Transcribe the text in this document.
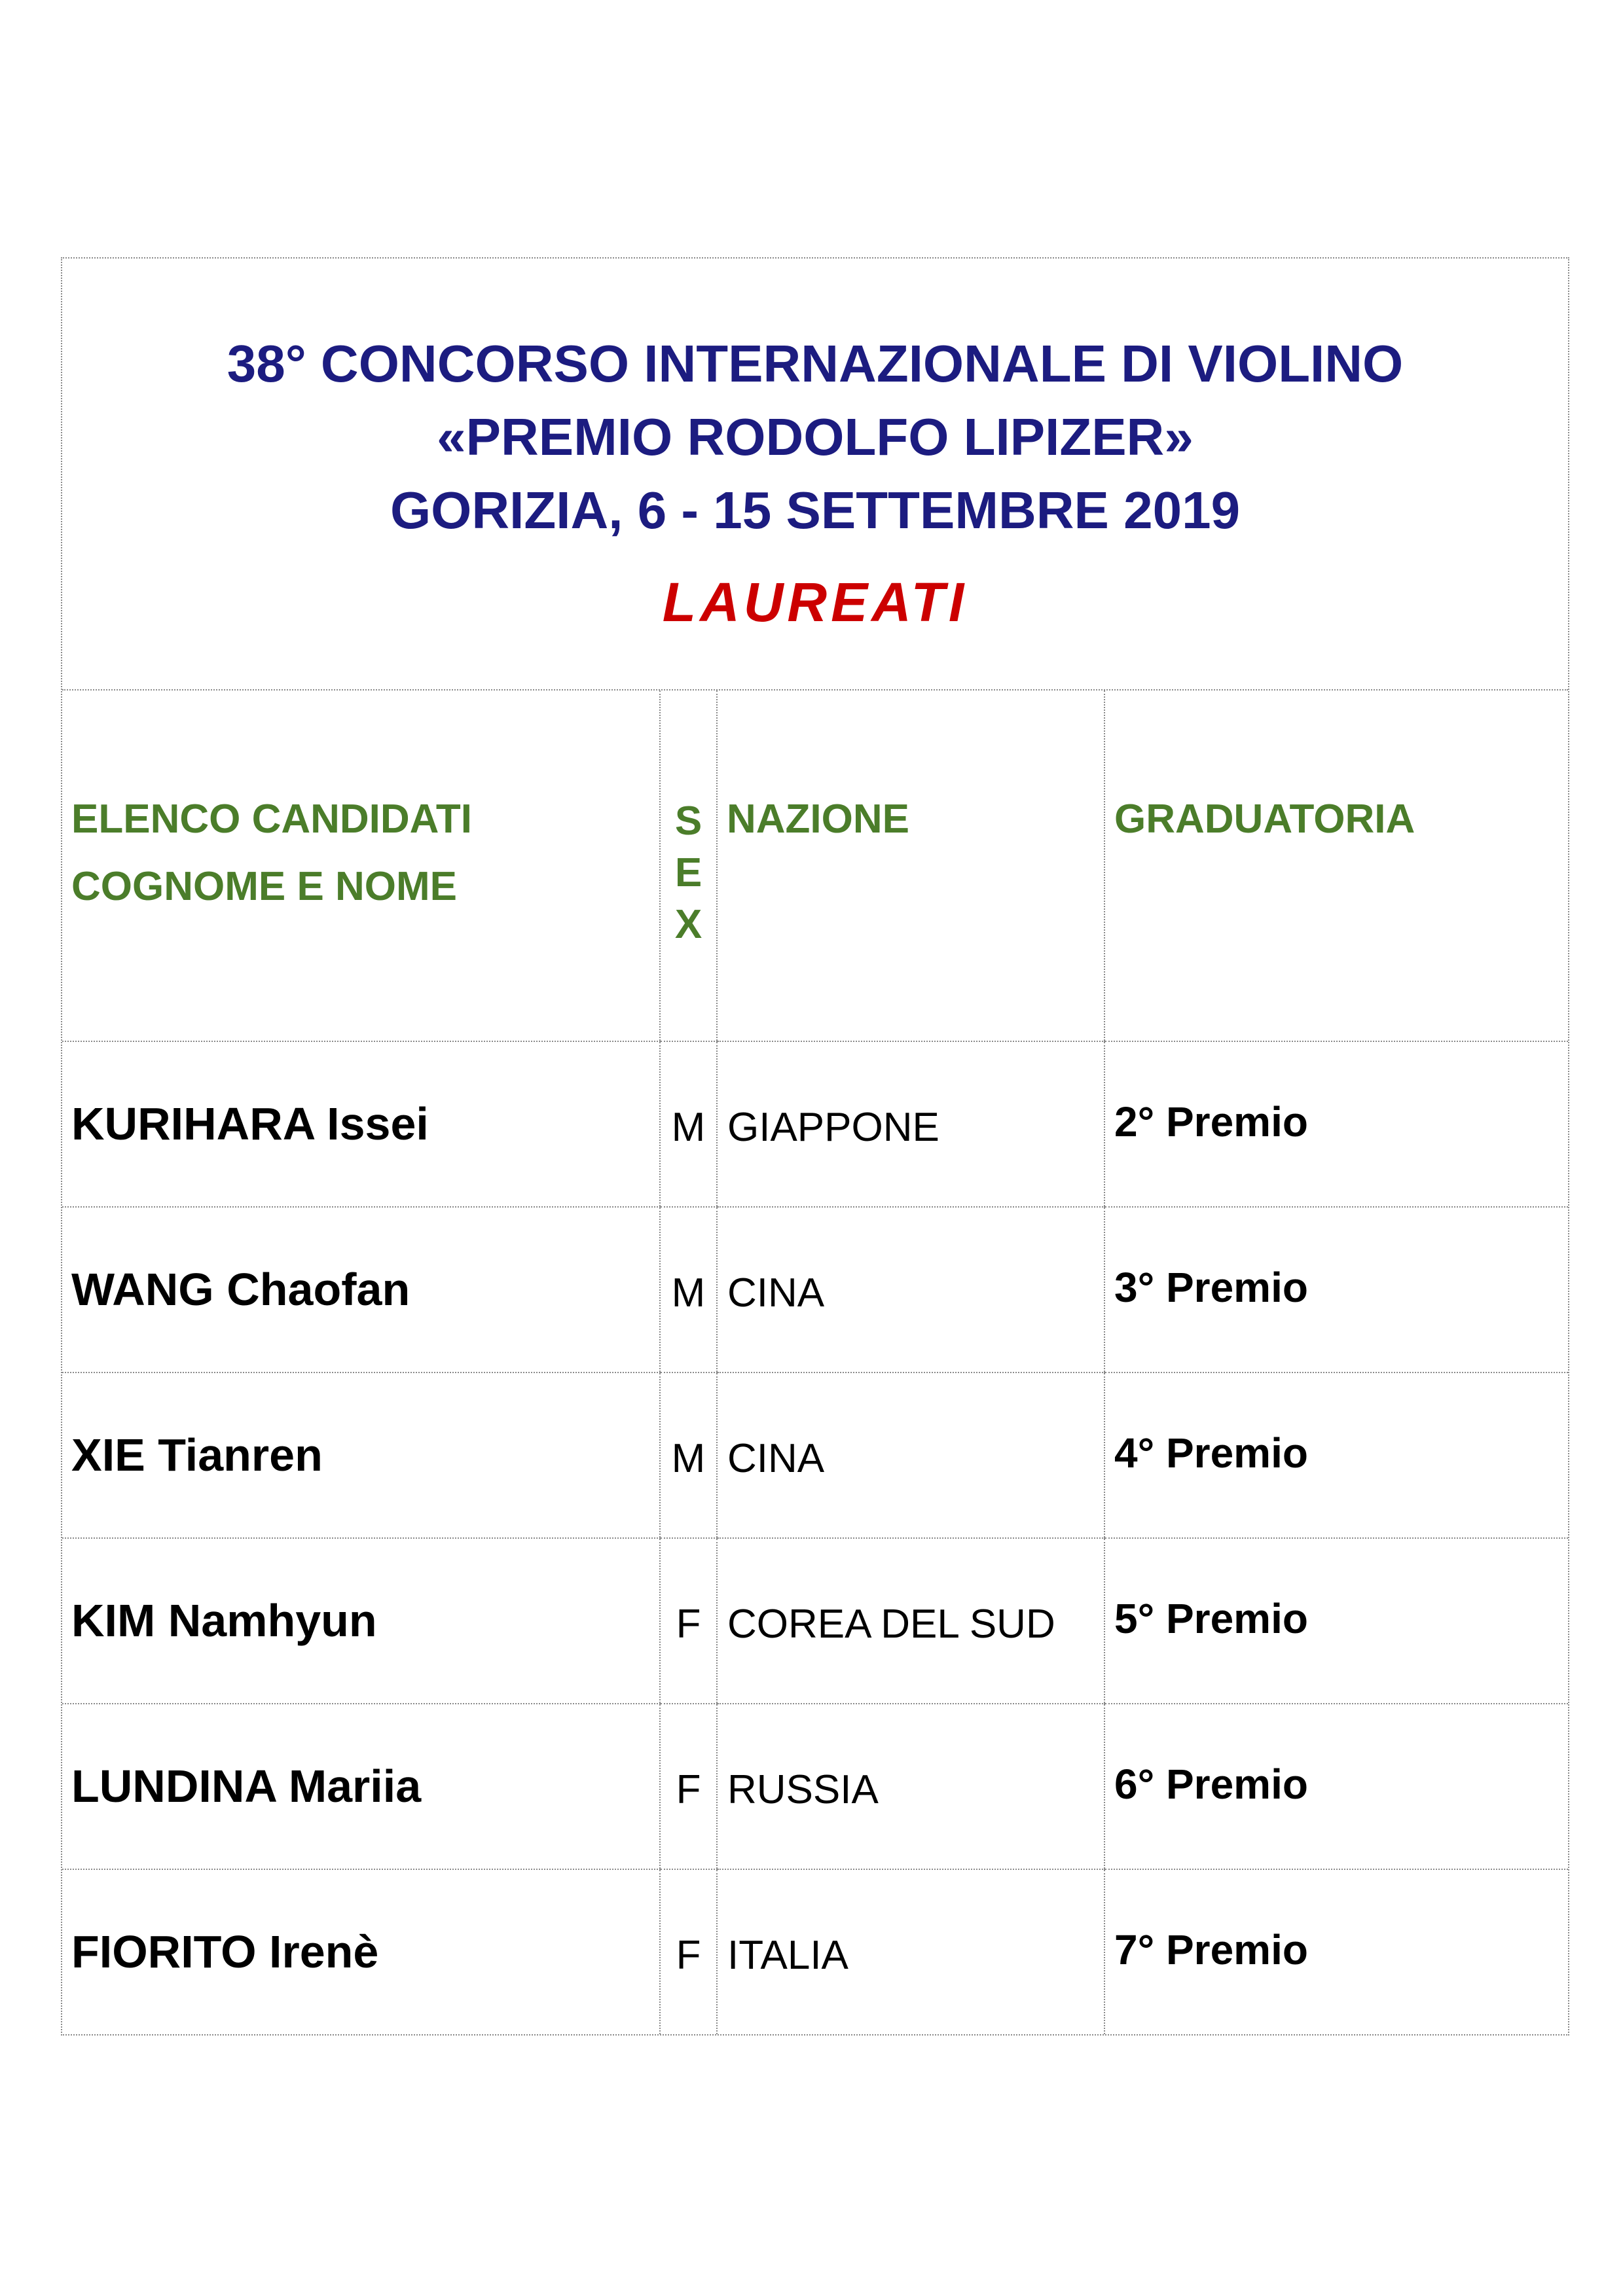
38° CONCORSO INTERNAZIONALE DI VIOLINO
«PREMIO RODOLFO LIPIZER»
GORIZIA, 6 - 15 SETTEMBRE 2019
LAUREATI
ELENCO CANDIDATI
COGNOME E NOME	SEX	NAZIONE	GRADUATORIA

KURIHARA Issei	M	GIAPPONE	2° Premio

WANG Chaofan	M	CINA	3° Premio

XIE Tianren	M	CINA	4° Premio

KIM Namhyun	F	COREA DEL SUD	5° Premio

LUNDINA Mariia	F	RUSSIA	6° Premio

FIORITO Irenè	F	ITALIA	7° Premio
